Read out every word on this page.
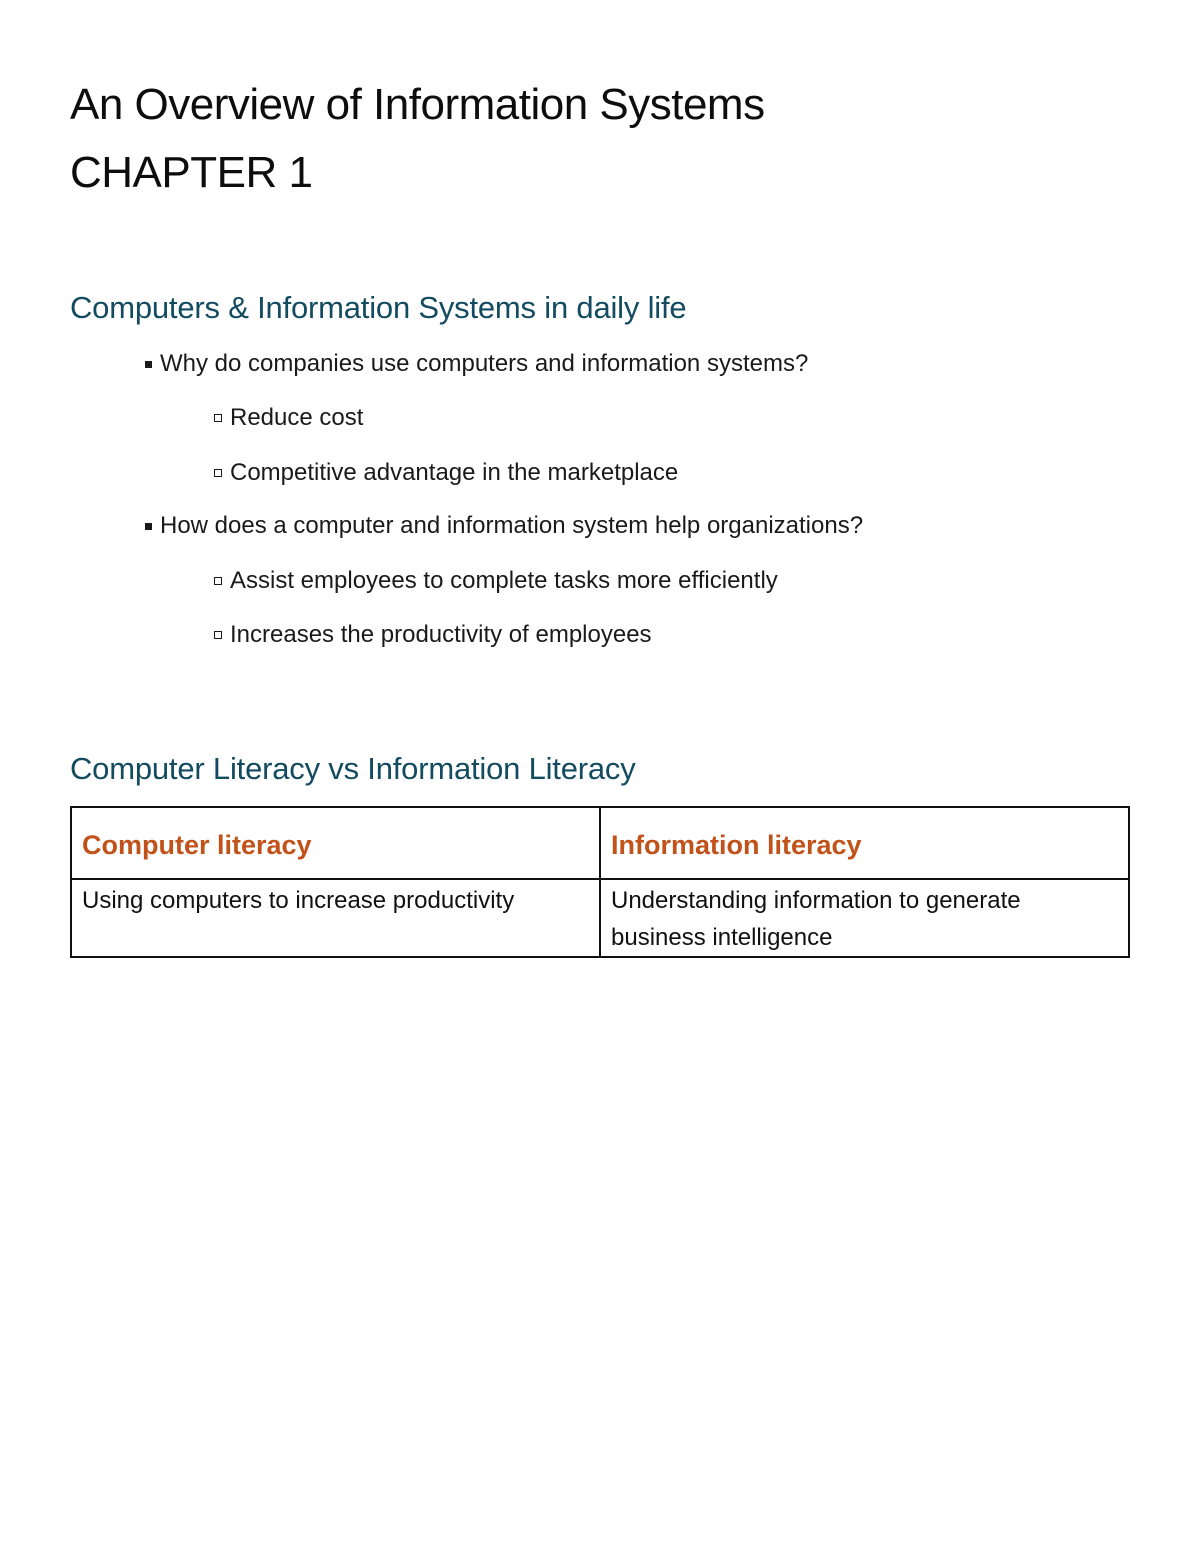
An Overview of Information Systems
CHAPTER 1
Computers & Information Systems in daily life
Why do companies use computers and information systems?
Reduce cost
Competitive advantage in the marketplace
How does a computer and information system help organizations?
Assist employees to complete tasks more efficiently
Increases the productivity of employees
Computer Literacy vs Information Literacy
Computer literacy	Information literacy
Using computers to increase productivity	Understanding information to generate business intelligence
